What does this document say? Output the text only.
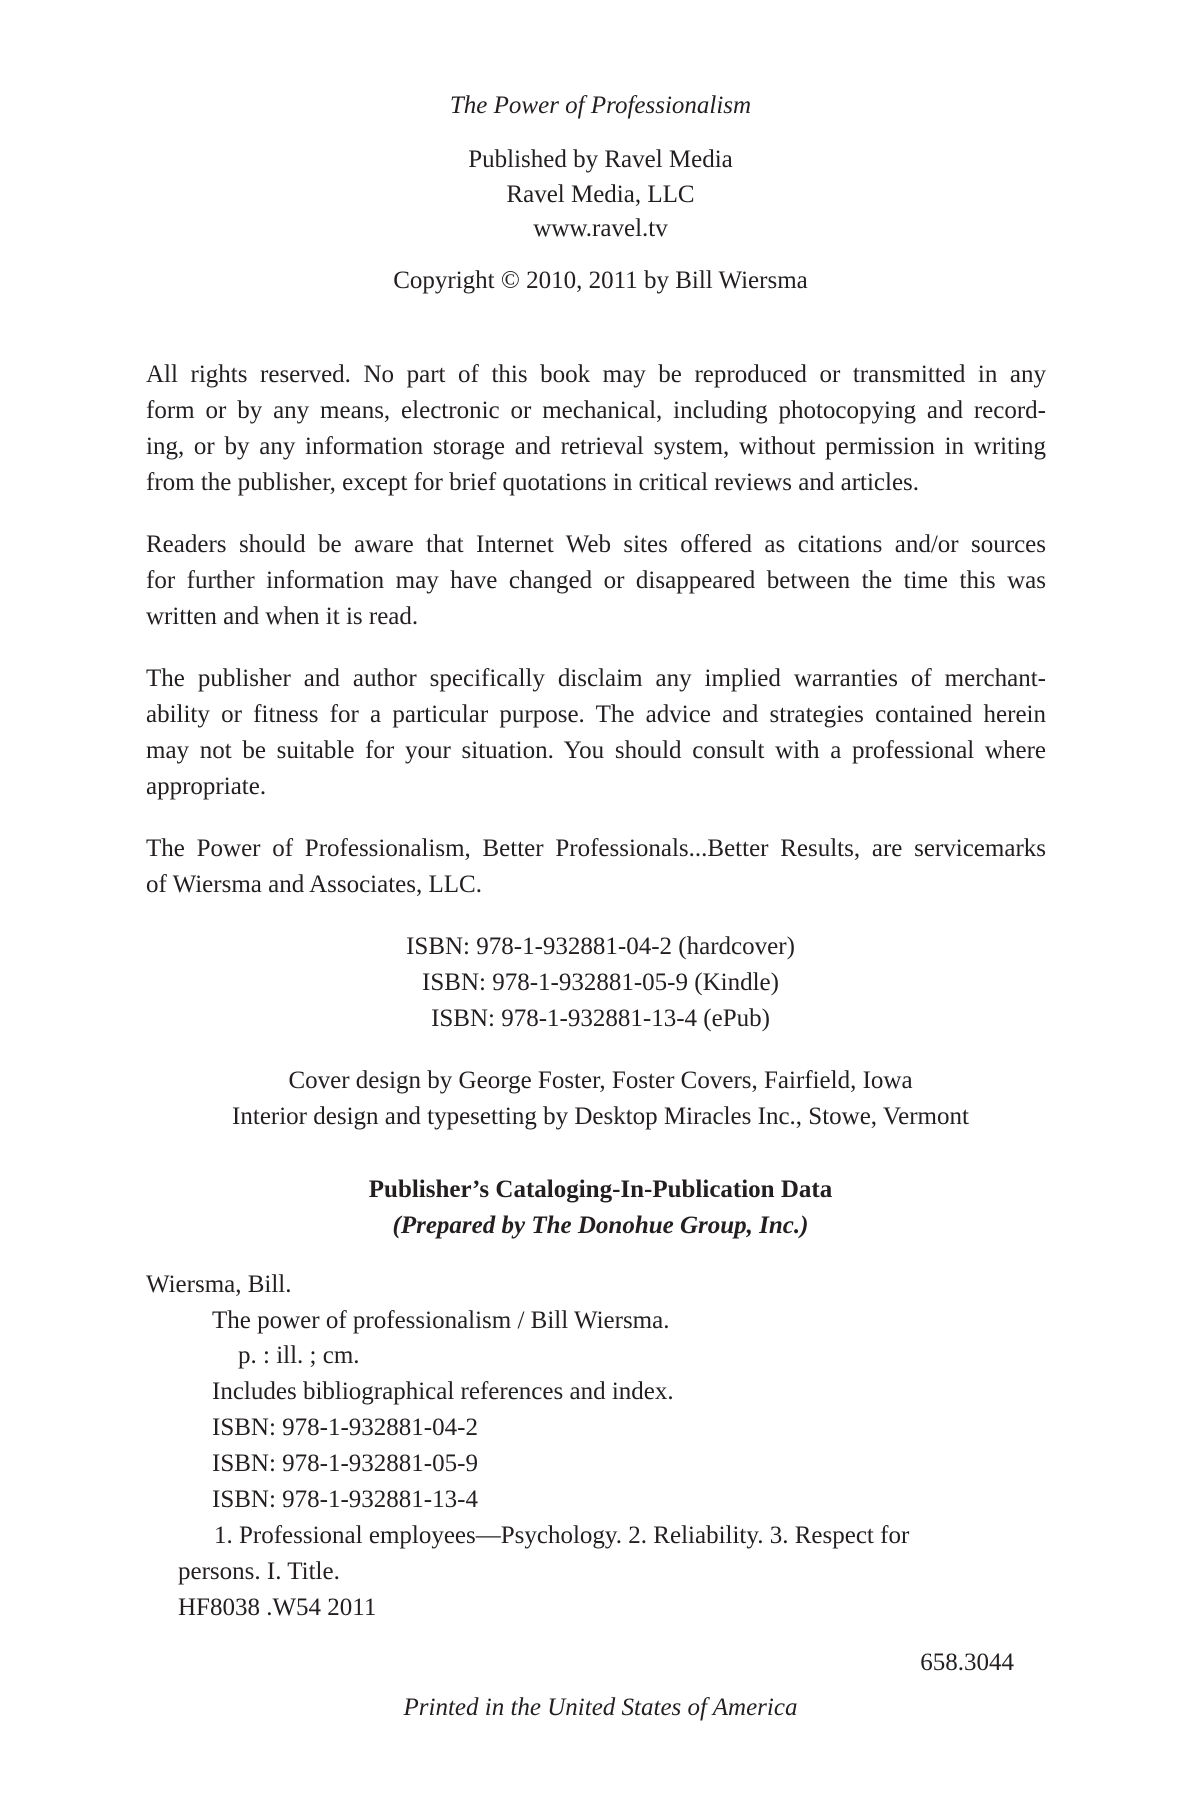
The Power of Professionalism
Published by Ravel Media
Ravel Media, LLC
www.ravel.tv
Copyright © 2010, 2011 by Bill Wiersma
All rights reserved. No part of this book may be reproduced or transmitted in any
form or by any means, electronic or mechanical, including photocopying and record-
ing, or by any information storage and retrieval system, without permission in writing
from the publisher, except for brief quotations in critical reviews and articles.
Readers should be aware that Internet Web sites offered as citations and/or sources
for further information may have changed or disappeared between the time this was
written and when it is read.
The publisher and author specifically disclaim any implied warranties of merchant-
ability or fitness for a particular purpose. The advice and strategies contained herein
may not be suitable for your situation. You should consult with a professional where
appropriate.
The Power of Professionalism, Better Professionals...Better Results, are servicemarks
of Wiersma and Associates, LLC.
ISBN: 978-1-932881-04-2 (hardcover)
ISBN: 978-1-932881-05-9 (Kindle)
ISBN: 978-1-932881-13-4 (ePub)
Cover design by George Foster, Foster Covers, Fairfield, Iowa
Interior design and typesetting by Desktop Miracles Inc., Stowe, Vermont
Publisher’s Cataloging-In-Publication Data
(Prepared by The Donohue Group, Inc.)
Wiersma, Bill.
The power of professionalism / Bill Wiersma.
p. : ill. ; cm.
Includes bibliographical references and index.
ISBN: 978-1-932881-04-2
ISBN: 978-1-932881-05-9
ISBN: 978-1-932881-13-4
1. Professional employees—Psychology. 2. Reliability. 3. Respect for
persons. I. Title.
HF8038 .W54 2011
658.3044
Printed in the United States of America
